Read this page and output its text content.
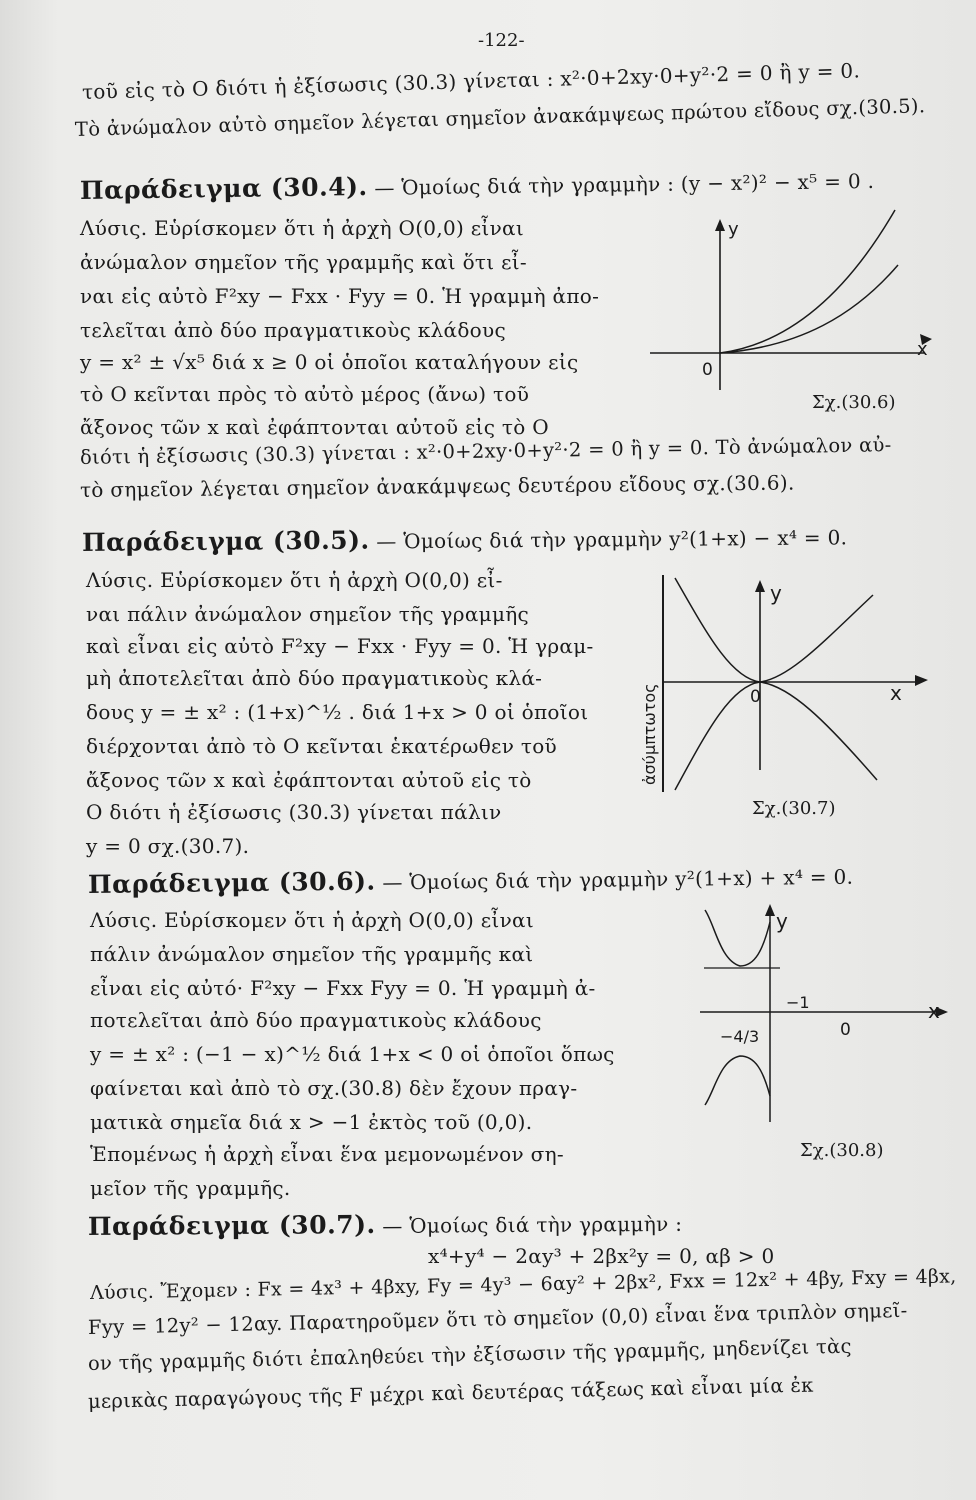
-122-
τοῦ εἰς τὸ Ο διότι ἡ ἐξίσωσις (30.3) γίνεται : x²·0+2xy·0+y²·2 = 0 ἢ y = 0.
Τὸ ἀνώμαλον αὐτὸ σημεῖον λέγεται σημεῖον ἀνακάμψεως πρώτου εἴδους σχ.(30.5).
Παράδειγμα (30.4). — Ὁμοίως διά τὴν γραμμὴν : (y − x²)² − x⁵ = 0 .
Λύσις. Εὑρίσκομεν ὅτι ἡ ἀρχὴ Ο(0,0) εἶναι
ἀνώμαλον σημεῖον τῆς γραμμῆς καὶ ὅτι εἶ-
ναι εἰς αὐτὸ F²xy − Fxx · Fyy = 0. Ἡ γραμμὴ ἀπο-
τελεῖται ἀπὸ δύο πραγματικοὺς κλάδους
y = x² ± √x⁵ διά x ≥ 0 οἱ ὁποῖοι καταλήγουν εἰς
τὸ Ο κεῖνται πρὸς τὸ αὐτὸ μέρος (ἄνω) τοῦ
ἄξονος τῶν x καὶ ἐφάπτονται αὐτοῦ εἰς τὸ Ο
διότι ἡ ἐξίσωσις (30.3) γίνεται : x²·0+2xy·0+y²·2 = 0 ἢ y = 0. Τὸ ἀνώμαλον αὐ-
τὸ σημεῖον λέγεται σημεῖον ἀνακάμψεως δευτέρου εἴδους σχ.(30.6).
y
x
0
Σχ.(30.6)
Παράδειγμα (30.5). — Ὁμοίως διά τὴν γραμμὴν y²(1+x) − x⁴ = 0.
Λύσις. Εὑρίσκομεν ὅτι ἡ ἀρχὴ Ο(0,0) εἶ-
ναι πάλιν ἀνώμαλον σημεῖον τῆς γραμμῆς
καὶ εἶναι εἰς αὐτὸ F²xy − Fxx · Fyy = 0. Ἡ γραμ-
μὴ ἀποτελεῖται ἀπὸ δύο πραγματικοὺς κλά-
δους y = ± x² : (1+x)^½ . διά 1+x > 0 οἱ ὁποῖοι
διέρχονται ἀπὸ τὸ Ο κεῖνται ἑκατέρωθεν τοῦ
ἄξονος τῶν x καὶ ἐφάπτονται αὐτοῦ εἰς τὸ
Ο διότι ἡ ἐξίσωσις (30.3) γίνεται πάλιν
y = 0 σχ.(30.7).
y
x
0
ἀσύμπτωτος
Σχ.(30.7)
Παράδειγμα (30.6). — Ὁμοίως διά τὴν γραμμὴν y²(1+x) + x⁴ = 0.
Λύσις. Εὑρίσκομεν ὅτι ἡ ἀρχὴ Ο(0,0) εἶναι
πάλιν ἀνώμαλον σημεῖον τῆς γραμμῆς καὶ
εἶναι εἰς αὐτό· F²xy − Fxx Fyy = 0. Ἡ γραμμὴ ἀ-
ποτελεῖται ἀπὸ δύο πραγματικοὺς κλάδους
y = ± x² : (−1 − x)^½ διά 1+x < 0 οἱ ὁποῖοι ὅπως
φαίνεται καὶ ἀπὸ τὸ σχ.(30.8) δὲν ἔχουν πραγ-
ματικὰ σημεῖα διά x > −1 ἐκτὸς τοῦ (0,0).
Ἑπομένως ἡ ἀρχὴ εἶναι ἕνα μεμονωμένον ση-
μεῖον τῆς γραμμῆς.
y
x
0
−1
−4/3
Σχ.(30.8)
Παράδειγμα (30.7). — Ὁμοίως διά τὴν γραμμὴν :
x⁴+y⁴ − 2αy³ + 2βx²y = 0, αβ > 0
Λύσις. Ἔχομεν : Fx = 4x³ + 4βxy, Fy = 4y³ − 6αy² + 2βx², Fxx = 12x² + 4βy, Fxy = 4βx,
Fyy = 12y² − 12αy. Παρατηροῦμεν ὅτι τὸ σημεῖον (0,0) εἶναι ἕνα τριπλὸν σημεῖ-
ον τῆς γραμμῆς διότι ἐπαληθεύει τὴν ἐξίσωσιν τῆς γραμμῆς, μηδενίζει τὰς
μερικὰς παραγώγους τῆς F μέχρι καὶ δευτέρας τάξεως καὶ εἶναι μία ἐκ
